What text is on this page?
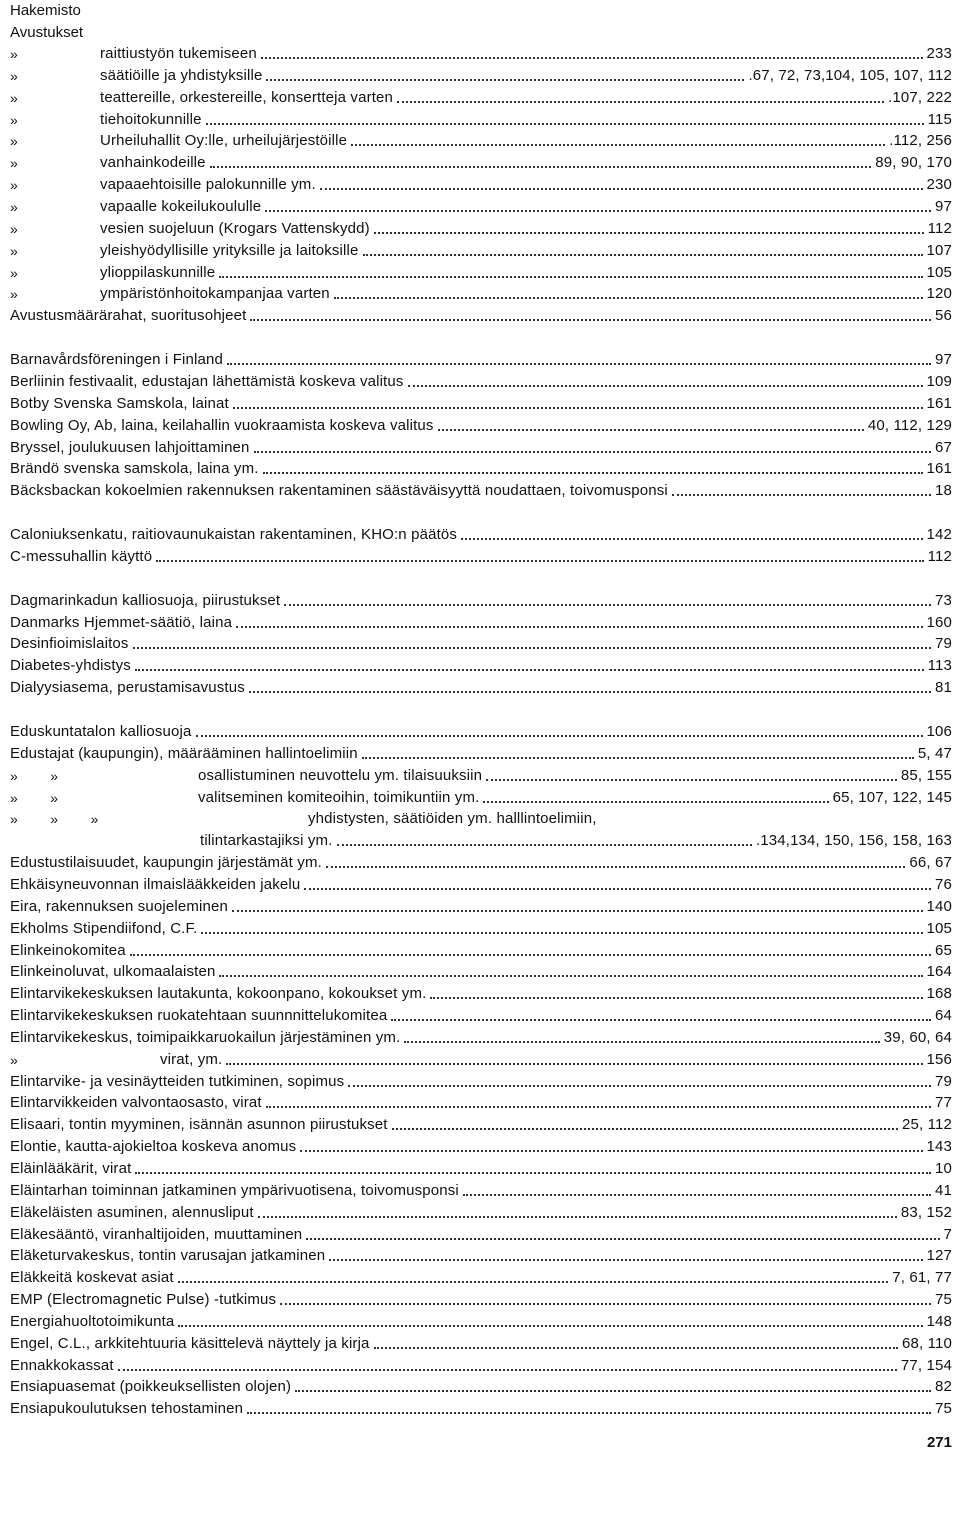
Hakemisto
Avustukset
»	raittiustyön tukemiseen	233
»	säätiöille ja yhdistyksille	.67, 72, 73,104, 105, 107, 112
»	teattereille, orkestereille, konsertteja varten	.107, 222
»	tiehoitokunnille	115
»	Urheiluhallit Oy:lle, urheilujärjestöille	.112, 256
»	vanhainkodeille	89, 90, 170
»	vapaaehtoisille palokunnille ym.	230
»	vapaalle kokeilukoululle	97
»	vesien suojeluun (Krogars Vattenskydd)	112
»	yleishyödyllisille yrityksille ja laitoksille	107
»	ylioppilaskunnille	105
»	ympäristönhoitokampanjaa varten	120
Avustusmäärärahat, suoritusohjeet	56
Barnavårdsföreningen i Finland	97
Berliinin festivaalit, edustajan lähettämistä koskeva valitus	109
Botby Svenska Samskola, lainat	161
Bowling Oy, Ab, laina, keilahallin vuokraamista koskeva valitus	40, 112, 129
Bryssel, joulukuusen lahjoittaminen	67
Brändö svenska samskola, laina ym.	161
Bäcksbackan kokoelmien rakennuksen rakentaminen säästäväisyyttä noudattaen, toivomusponsi	18
Caloniuksenkatu, raitiovaunukaistan rakentaminen, KHO:n päätös	142
C-messuhallin käyttö	112
Dagmarinkadun kalliosuoja, piirustukset	73
Danmarks Hjemmet-säätiö, laina	160
Desinfioimislaitos	79
Diabetes-yhdistys	113
Dialyysiasema, perustamisavustus	81
Eduskuntatalon kalliosuoja	106
Edustajat (kaupungin), määrääminen hallintoelimiin	5, 47
»        »	osallistuminen neuvottelu ym. tilaisuuksiin	85, 155
»        »	valitseminen komiteoihin, toimikuntiin ym.	65, 107, 122, 145
»        »        »	yhdistysten, säätiöiden ym. halllintoelimiin,
tilintarkastajiksi ym.	.134,134, 150, 156, 158, 163
Edustustilaisuudet, kaupungin järjestämät ym.	66, 67
Ehkäisyneuvonnan ilmaislääkkeiden jakelu	76
Eira, rakennuksen suojeleminen	140
Ekholms Stipendiifond, C.F.	105
Elinkeinokomitea	65
Elinkeinoluvat, ulkomaalaisten	164
Elintarvikekeskuksen lautakunta, kokoonpano, kokoukset ym.	168
Elintarvikekeskuksen ruokatehtaan suunnnittelukomitea	64
Elintarvikekeskus, toimipaikkaruokailun järjestäminen ym.	39, 60, 64
»	virat, ym.	156
Elintarvike- ja vesinäytteiden tutkiminen, sopimus	79
Elintarvikkeiden valvontaosasto, virat	77
Elisaari, tontin myyminen, isännän asunnon piirustukset	25, 112
Elontie, kautta-ajokieltoa koskeva anomus	143
Eläinlääkärit, virat	10
Eläintarhan toiminnan jatkaminen ympärivuotisena, toivomusponsi	41
Eläkeläisten asuminen, alennusliput	83, 152
Eläkesääntö, viranhaltijoiden, muuttaminen	7
Eläketurvakeskus, tontin varusajan jatkaminen	127
Eläkkeitä koskevat asiat	7, 61, 77
EMP (Electromagnetic Pulse) -tutkimus	75
Energiahuoltotoimikunta	148
Engel, C.L., arkkitehtuuria käsittelevä näyttely ja kirja	68, 110
Ennakkokassat	77, 154
Ensiapuasemat (poikkeuksellisten olojen)	82
Ensiapukoulutuksen tehostaminen	75
271
